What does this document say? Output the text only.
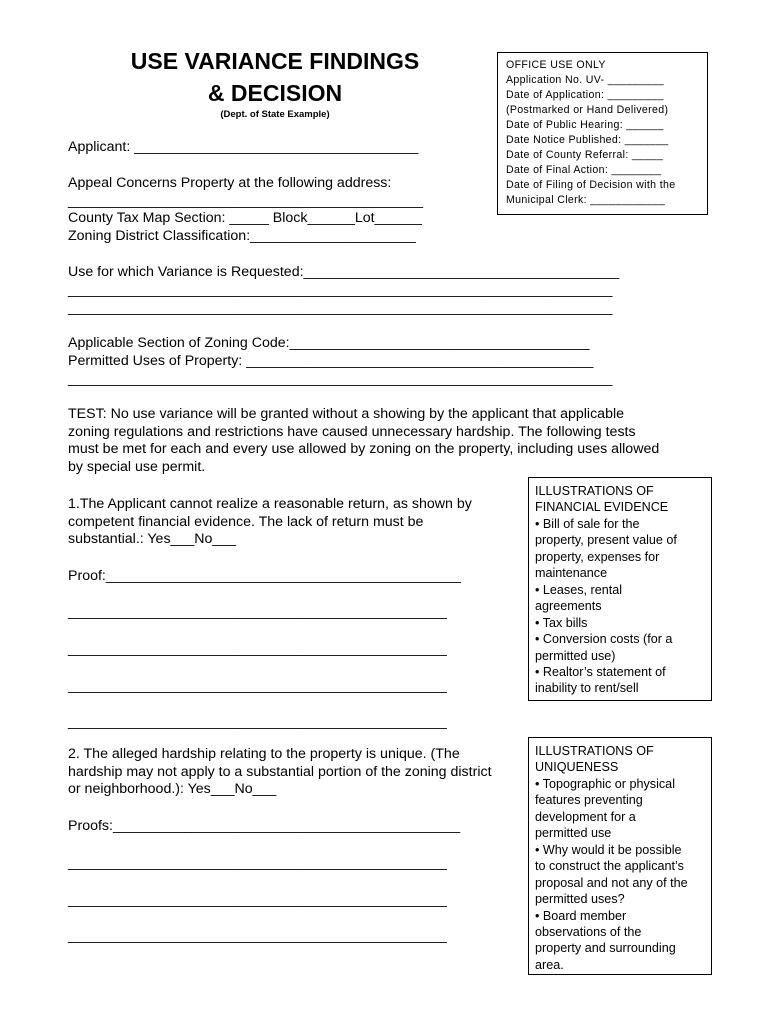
USE VARIANCE FINDINGS
& DECISION
(Dept. of State Example)
OFFICE USE ONLY
Application No. UV- _________
Date of Application: _________
(Postmarked or Hand Delivered)
Date of Public Hearing: ______
Date Notice Published: _______
Date of County Referral: _____
Date of Final Action: ________
Date of Filing of Decision with the
Municipal Clerk: ____________
Applicant: ____________________________________
Appeal Concerns Property at the following address:
_____________________________________________
County Tax Map Section: _____ Block______Lot______
Zoning District Classification:_____________________
Use for which Variance is Requested:________________________________________
_____________________________________________________________________
_____________________________________________________________________
Applicable Section of Zoning Code:______________________________________
Permitted Uses of Property: ____________________________________________
_____________________________________________________________________
TEST: No use variance will be granted without a showing by the applicant that applicable
zoning regulations and restrictions have caused unnecessary hardship. The following tests
must be met for each and every use allowed by zoning on the property, including uses allowed
by special use permit.
1.The Applicant cannot realize a reasonable return, as shown by
competent financial evidence. The lack of return must be
substantial.: Yes___No___
Proof:_____________________________________________
________________________________________________
________________________________________________
________________________________________________
________________________________________________
ILLUSTRATIONS OF
FINANCIAL EVIDENCE
• Bill of sale for the
property, present value of
property, expenses for
maintenance
• Leases, rental
agreements
• Tax bills
• Conversion costs (for a
permitted use)
• Realtor’s statement of
inability to rent/sell
2. The alleged hardship relating to the property is unique. (The
hardship may not apply to a substantial portion of the zoning district
or neighborhood.): Yes___No___
Proofs:____________________________________________
________________________________________________
________________________________________________
________________________________________________
ILLUSTRATIONS OF
UNIQUENESS
• Topographic or physical
features preventing
development for a
permitted use
• Why would it be possible
to construct the applicant’s
proposal and not any of the
permitted uses?
• Board member
observations of the
property and surrounding
area.
